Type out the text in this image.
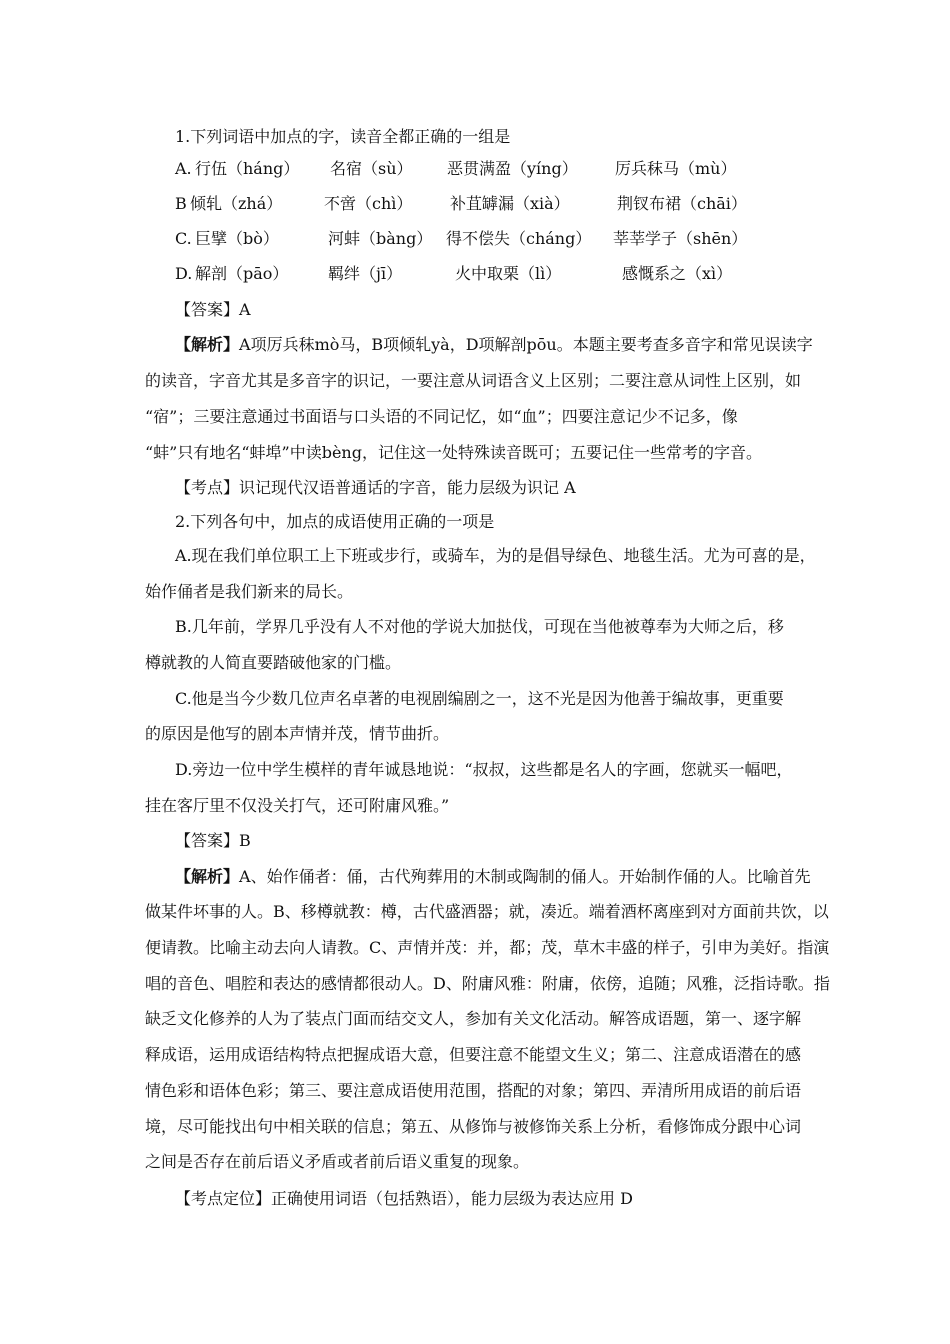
1.下列词语中加点的字，读音全都正确的一组是
A. 行伍（háng） 名宿（sù） 恶贯满盈（yíng） 厉兵秣马（mù）
B 倾轧（zhá）	不啻（chì） 补苴罅漏（xià）	荆钗布裙（chāi）
C. 巨擘（bò）	河蚌（bàng） 得不偿失（cháng） 莘莘学子（shēn）
D. 解剖（pāo） 羁绊（jī）	火中取栗（lì）	感慨系之（xì）
【答案】A
【解析】A项厉兵秣mò马，B项倾轧yà，D项解剖pōu。本题主要考查多音字和常见误读字
的读音，字音尤其是多音字的识记，一要注意从词语含义上区别；二要注意从词性上区别，如
“宿”；三要注意通过书面语与口头语的不同记忆，如“血”；四要注意记少不记多，像
“蚌”只有地名“蚌埠”中读bèng，记住这一处特殊读音既可；五要记住一些常考的字音。
【考点】识记现代汉语普通话的字音，能力层级为识记 A
2.下列各句中，加点的成语使用正确的一项是
A.现在我们单位职工上下班或步行，或骑车，为的是倡导绿色、地毯生活。尤为可喜的是，
始作俑者是我们新来的局长。
B.几年前，学界几乎没有人不对他的学说大加挞伐，可现在当他被尊奉为大师之后，移
樽就教的人简直要踏破他家的门槛。
C.他是当今少数几位声名卓著的电视剧编剧之一，这不光是因为他善于编故事，更重要
的原因是他写的剧本声情并茂，情节曲折。
D.旁边一位中学生模样的青年诚恳地说：“叔叔，这些都是名人的字画，您就买一幅吧，
挂在客厅里不仅没关打气，还可附庸风雅。”
【答案】B
【解析】A、始作俑者：俑，古代殉葬用的木制或陶制的俑人。开始制作俑的人。比喻首先
做某件坏事的人。B、移樽就教：樽，古代盛酒器；就，凑近。端着酒杯离座到对方面前共饮，以
便请教。比喻主动去向人请教。C、声情并茂：并，都；茂，草木丰盛的样子，引申为美好。指演
唱的音色、唱腔和表达的感情都很动人。D、附庸风雅：附庸，依傍，追随；风雅，泛指诗歌。指
缺乏文化修养的人为了装点门面而结交文人，参加有关文化活动。解答成语题，第一、逐字解
释成语，运用成语结构特点把握成语大意，但要注意不能望文生义；第二、注意成语潜在的感
情色彩和语体色彩；第三、要注意成语使用范围，搭配的对象；第四、弄清所用成语的前后语
境，尽可能找出句中相关联的信息；第五、从修饰与被修饰关系上分析，看修饰成分跟中心词
之间是否存在前后语义矛盾或者前后语义重复的现象。
【考点定位】正确使用词语（包括熟语），能力层级为表达应用 D
